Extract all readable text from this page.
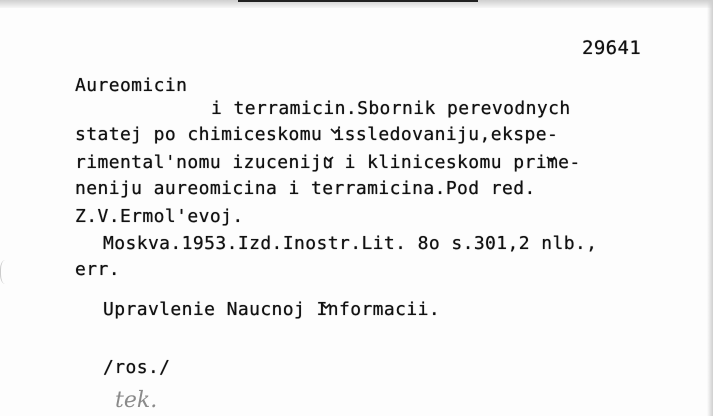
29641
Aureomicin
i terramicin.Sbornik perevodnych
statej po chimiceskomu issledovaniju,ekspe-
rimental'nomu izuceniju i kliniceskomu prime-
neniju aureomicina i terramicina.Pod red.
Z.V.Ermol'evoj.
Moskva.1953.Izd.Inostr.Lit. 8o s.301,2 nlb.,
err.
Upravlenie Naucnoj Informacii.
/ros./
tek.
